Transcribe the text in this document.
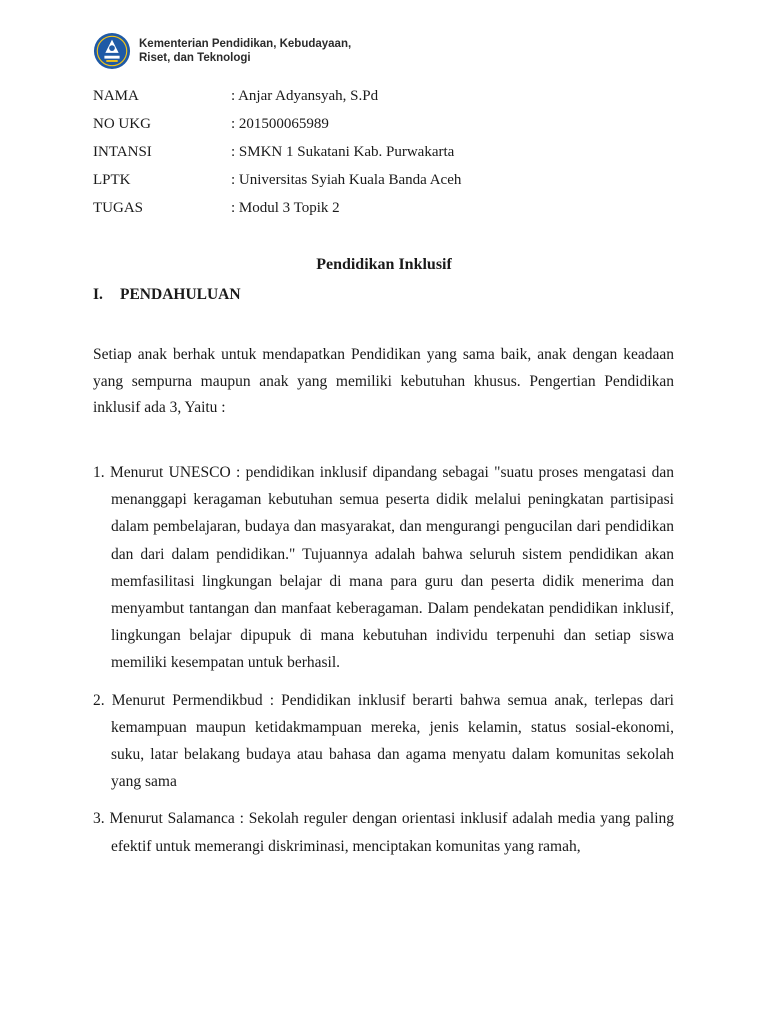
Kementerian Pendidikan, Kebudayaan,
Riset, dan Teknologi
NAMA	: Anjar Adyansyah, S.Pd
NO UKG	: 201500065989
INTANSI	: SMKN 1 Sukatani Kab. Purwakarta
LPTK	: Universitas Syiah Kuala Banda Aceh
TUGAS	: Modul 3 Topik 2
Pendidikan Inklusif
I. PENDAHULUAN

Setiap anak berhak untuk mendapatkan Pendidikan yang sama baik, anak dengan keadaan yang sempurna maupun anak yang memiliki kebutuhan khusus. Pengertian Pendidikan inklusif ada 3, Yaitu :

1. Menurut UNESCO : pendidikan inklusif dipandang sebagai "suatu proses mengatasi dan menanggapi keragaman kebutuhan semua peserta didik melalui peningkatan partisipasi dalam pembelajaran, budaya dan masyarakat, dan mengurangi pengucilan dari pendidikan dan dari dalam pendidikan." Tujuannya adalah bahwa seluruh sistem pendidikan akan memfasilitasi lingkungan belajar di mana para guru dan peserta didik menerima dan menyambut tantangan dan manfaat keberagaman. Dalam pendekatan pendidikan inklusif, lingkungan belajar dipupuk di mana kebutuhan individu terpenuhi dan setiap siswa memiliki kesempatan untuk berhasil.
2. Menurut Permendikbud : Pendidikan inklusif berarti bahwa semua anak, terlepas dari kemampuan maupun ketidakmampuan mereka, jenis kelamin, status sosial-ekonomi, suku, latar belakang budaya atau bahasa dan agama menyatu dalam komunitas sekolah yang sama
3. Menurut Salamanca : Sekolah reguler dengan orientasi inklusif adalah media yang paling efektif untuk memerangi diskriminasi, menciptakan komunitas yang ramah,
